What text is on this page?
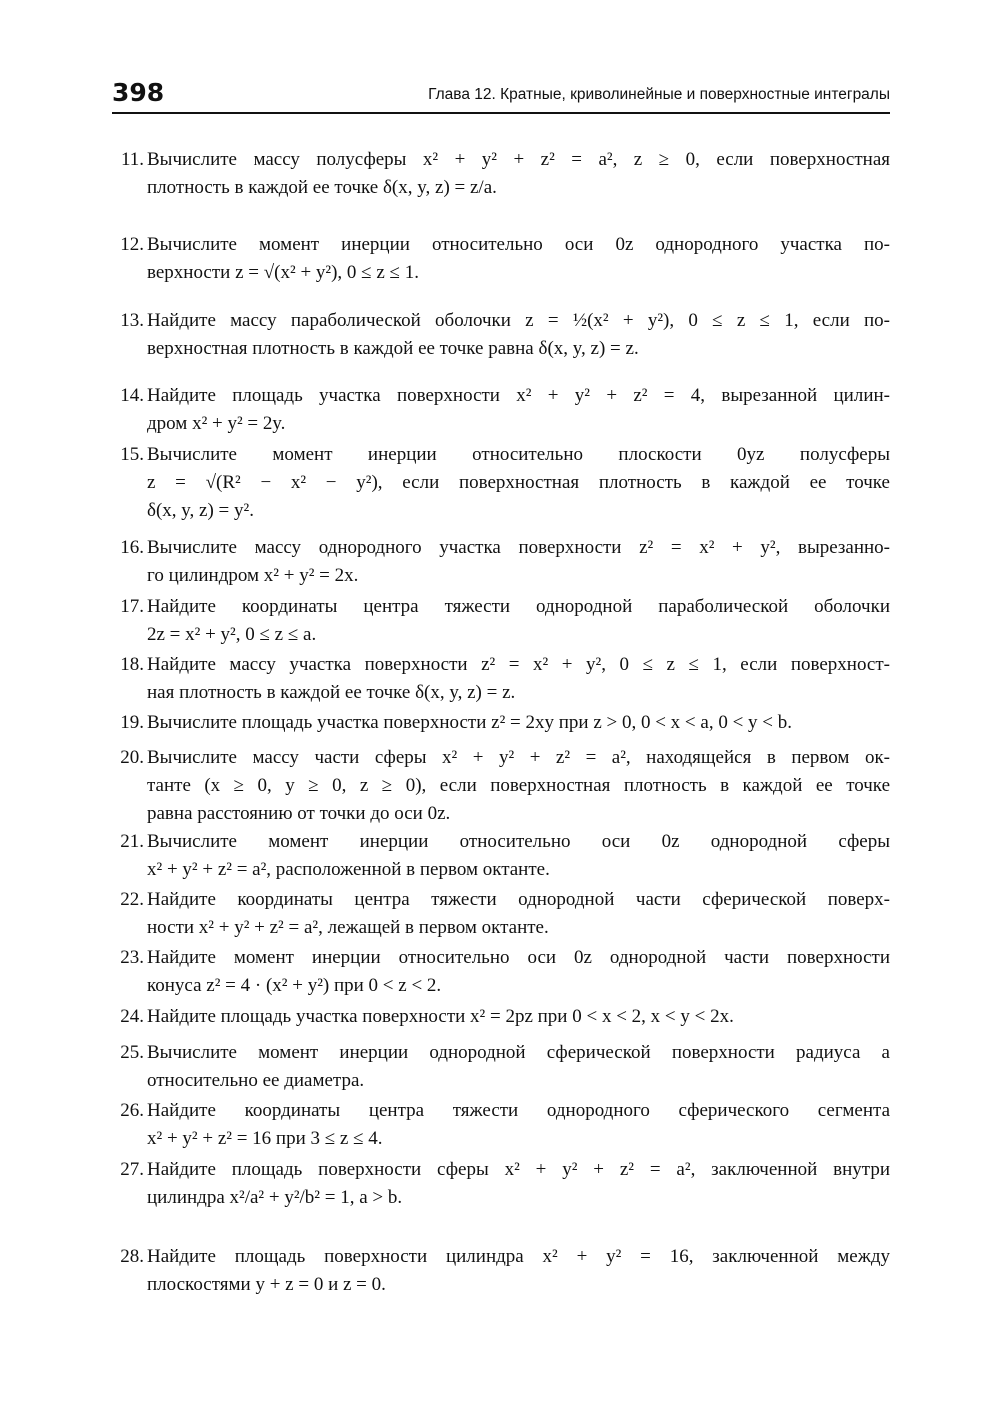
398	Глава 12. Кратные, криволинейные и поверхностные интегралы
11. Вычислите массу полусферы x² + y² + z² = a², z ≥ 0, если поверхностная
плотность в каждой ее точке δ(x, y, z) = z/a.
12. Вычислите момент инерции относительно оси 0z однородного участка по-
верхности z = √(x² + y²), 0 ≤ z ≤ 1.
13. Найдите массу параболической оболочки z = ½(x² + y²), 0 ≤ z ≤ 1, если по-
верхностная плотность в каждой ее точке равна δ(x, y, z) = z.
14. Найдите площадь участка поверхности x² + y² + z² = 4, вырезанной цилин-
дром x² + y² = 2y.
15. Вычислите момент инерции относительно плоскости 0yz полусферы
z = √(R² − x² − y²), если поверхностная плотность в каждой ее точке
δ(x, y, z) = y².
16. Вычислите массу однородного участка поверхности z² = x² + y², вырезанно-
го цилиндром x² + y² = 2x.
17. Найдите координаты центра тяжести однородной параболической оболочки
2z = x² + y², 0 ≤ z ≤ a.
18. Найдите массу участка поверхности z² = x² + y², 0 ≤ z ≤ 1, если поверхност-
ная плотность в каждой ее точке δ(x, y, z) = z.
19. Вычислите площадь участка поверхности z² = 2xy при z > 0, 0 < x < a, 0 < y < b.
20. Вычислите массу части сферы x² + y² + z² = a², находящейся в первом ок-
танте (x ≥ 0, y ≥ 0, z ≥ 0), если поверхностная плотность в каждой ее точке
равна расстоянию от точки до оси 0z.
21. Вычислите момент инерции относительно оси 0z однородной сферы
x² + y² + z² = a², расположенной в первом октанте.
22. Найдите координаты центра тяжести однородной части сферической поверх-
ности x² + y² + z² = a², лежащей в первом октанте.
23. Найдите момент инерции относительно оси 0z однородной части поверхности
конуса z² = 4 · (x² + y²) при 0 < z < 2.
24. Найдите площадь участка поверхности x² = 2pz при 0 < x < 2, x < y < 2x.
25. Вычислите момент инерции однородной сферической поверхности радиуса a
относительно ее диаметра.
26. Найдите координаты центра тяжести однородного сферического сегмента
x² + y² + z² = 16 при 3 ≤ z ≤ 4.
27. Найдите площадь поверхности сферы x² + y² + z² = a², заключенной внутри
цилиндра x²/a² + y²/b² = 1, a > b.
28. Найдите площадь поверхности цилиндра x² + y² = 16, заключенной между
плоскостями y + z = 0 и z = 0.
